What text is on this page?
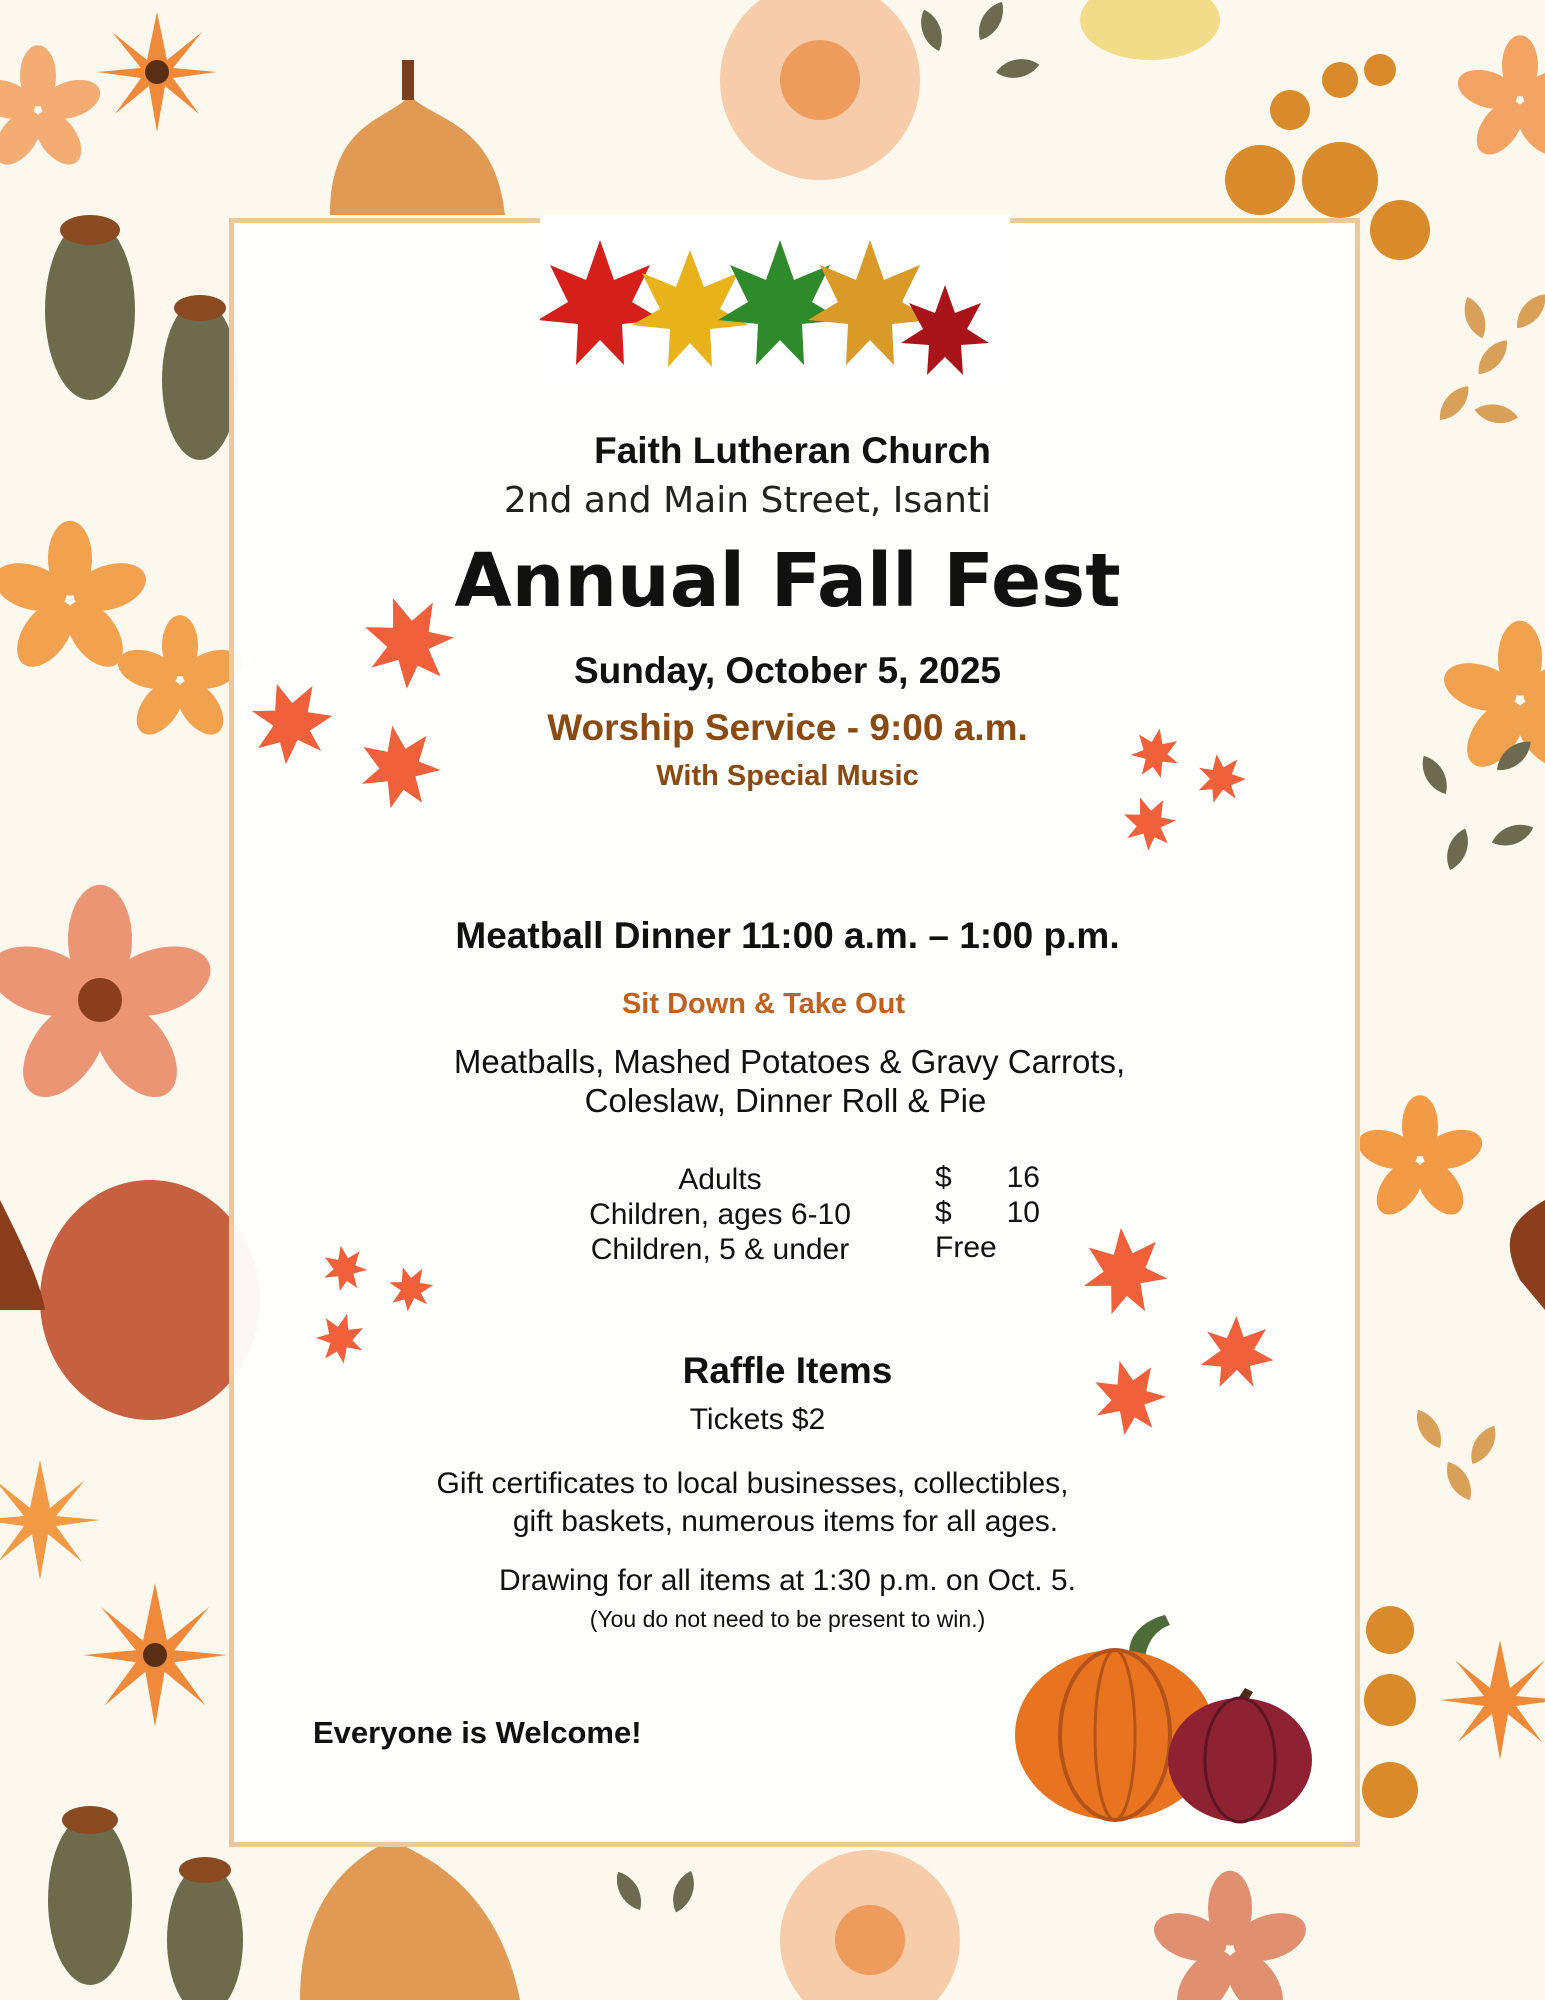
Faith Lutheran Church
2nd and Main Street, Isanti
Annual Fall Fest
Sunday, October 5, 2025
Worship Service - 9:00 a.m.
With Special Music
Meatball Dinner 11:00 a.m. – 1:00 p.m.
Sit Down & Take Out
Meatballs, Mashed Potatoes & Gravy Carrots,
Coleslaw, Dinner Roll & Pie
Adults
Children, ages 6-10
Children, 5 & under
$	16
$	10
Free
Raffle Items
Tickets $2
Gift certificates to local businesses, collectibles,
gift baskets, numerous items for all ages.
Drawing for all items at 1:30 p.m. on Oct. 5.
(You do not need to be present to win.)
Everyone is Welcome!
